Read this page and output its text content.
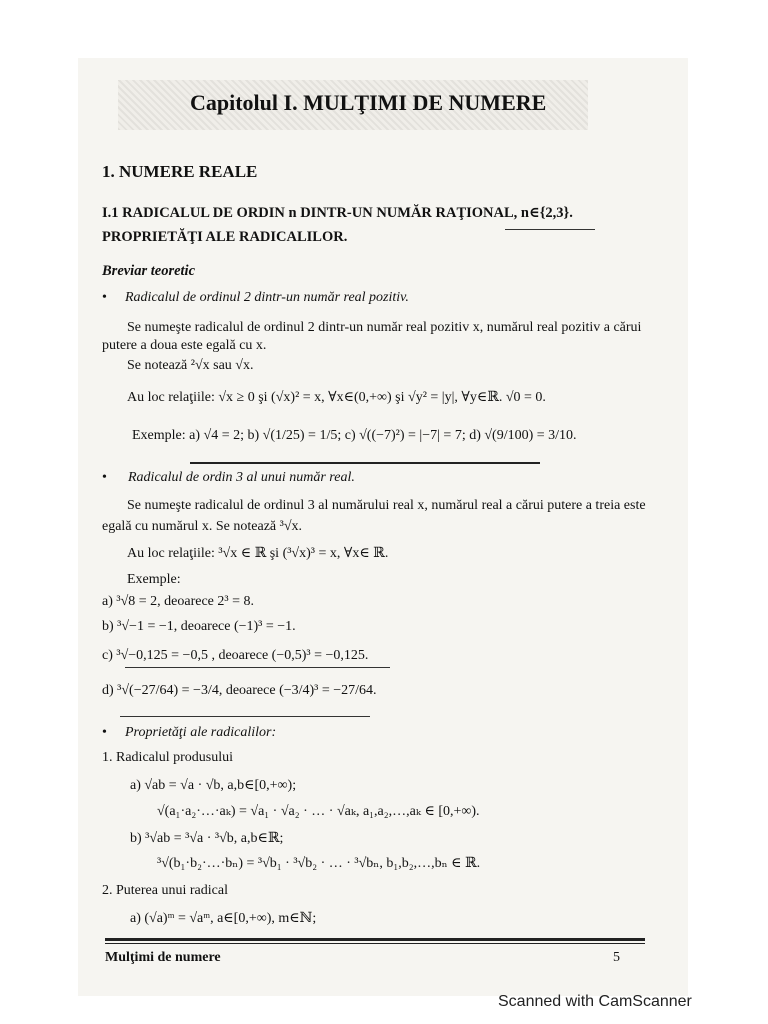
Capitolul I. MULŢIMI DE NUMERE
1. NUMERE REALE
I.1 RADICALUL DE ORDIN n DINTR-UN NUMĂR RAŢIONAL, n∈{2,3}.
PROPRIETĂŢI ALE RADICALILOR.
Breviar teoretic
• Radicalul de ordinul 2 dintr-un număr real pozitiv.
Se numeşte radicalul de ordinul 2 dintr-un număr real pozitiv x, numărul real pozitiv a cărui
putere a doua este egală cu x.
Se notează ²√x sau √x.
Au loc relaţiile: √x ≥ 0 şi (√x)² = x, ∀x∈(0,+∞) şi √y² = |y|, ∀y∈ℝ. √0 = 0.
Exemple: a) √4 = 2; b) √(1/25) = 1/5; c) √((−7)²) = |−7| = 7; d) √(9/100) = 3/10.
• Radicalul de ordin 3 al unui număr real.
Se numeşte radicalul de ordinul 3 al numărului real x, numărul real a cărui putere a treia este
egală cu numărul x. Se notează ³√x.
Au loc relaţiile: ³√x ∈ ℝ şi (³√x)³ = x, ∀x∈ ℝ.
Exemple:
a) ³√8 = 2, deoarece 2³ = 8.
b) ³√−1 = −1, deoarece (−1)³ = −1.
c) ³√−0,125 = −0,5 , deoarece (−0,5)³ = −0,125.
d) ³√(−27/64) = −3/4, deoarece (−3/4)³ = −27/64.
• Proprietăţi ale radicalilor:
1. Radicalul produsului
a) √ab = √a · √b, a,b∈[0,+∞);
√(a₁·a₂·…·aₖ) = √a₁ · √a₂ · … · √aₖ, a₁,a₂,…,aₖ ∈ [0,+∞).
b) ³√ab = ³√a · ³√b, a,b∈ℝ;
³√(b₁·b₂·…·bₙ) = ³√b₁ · ³√b₂ · … · ³√bₙ, b₁,b₂,…,bₙ ∈ ℝ.
2. Puterea unui radical
a) (√a)ᵐ = √aᵐ, a∈[0,+∞), m∈ℕ;
Mulţimi de numere	5
Scanned with CamScanner
